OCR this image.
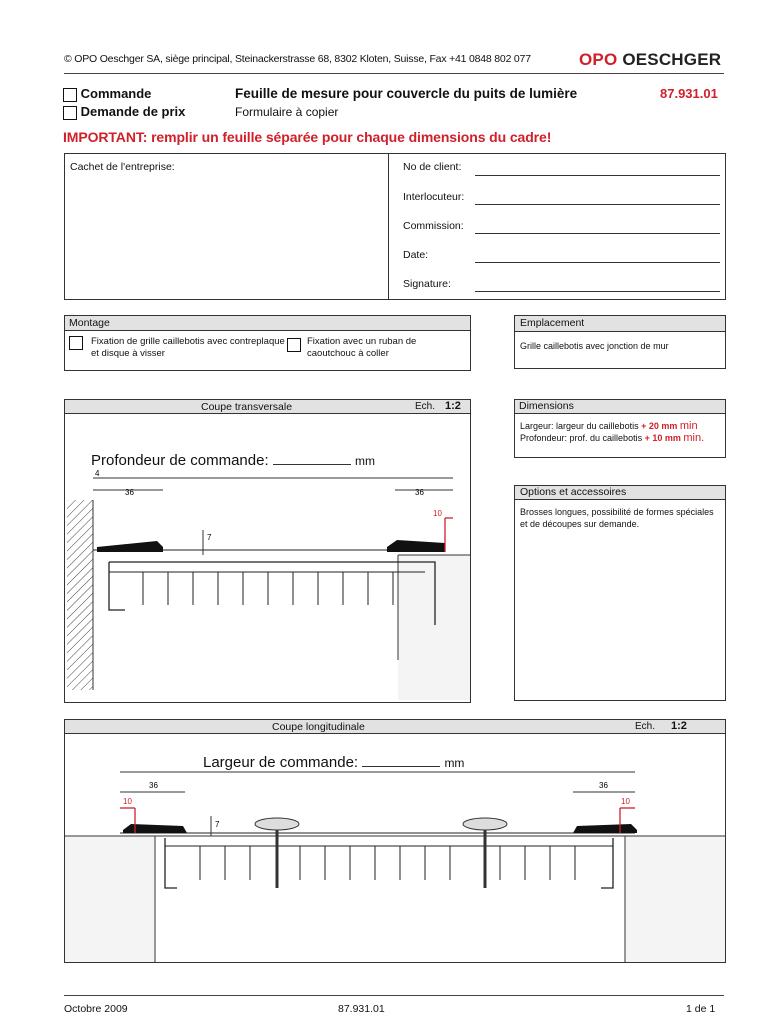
© OPO Oeschger SA, siège principal, Steinackerstrasse 68, 8302 Kloten, Suisse, Fax +41 0848 802 077	OPO OESCHGER
Commande
Demande de prix
Feuille de mesure pour couvercle du puits de lumière
Formulaire à copier
87.931.01
IMPORTANT: remplir un feuille séparée pour chaque dimensions du cadre!
Cachet de l'entreprise:	No de client:
Interlocuteur:
Commission:
Date:
Signature:
Montage
Fixation de grille caillebotis avec contreplaque et disque à visser
Fixation avec un ruban de caoutchouc à coller
Emplacement
Grille caillebotis avec jonction de mur
Dimensions
Largeur: largeur du caillebotis + 20 mm min
Profondeur: prof. du caillebotis + 10 mm min.
Options et accessoires
Brosses longues, possibilité de formes spéciales et de découpes sur demande.
Coupe transversale	Ech. 1:2
Profondeur de commande:	mm
4
36	36
10
7
Coupe longitudinale	Ech. 1:2
Largeur de commande:	mm
36	36
10	10
7
Octobre 2009	87.931.01	1 de 1
